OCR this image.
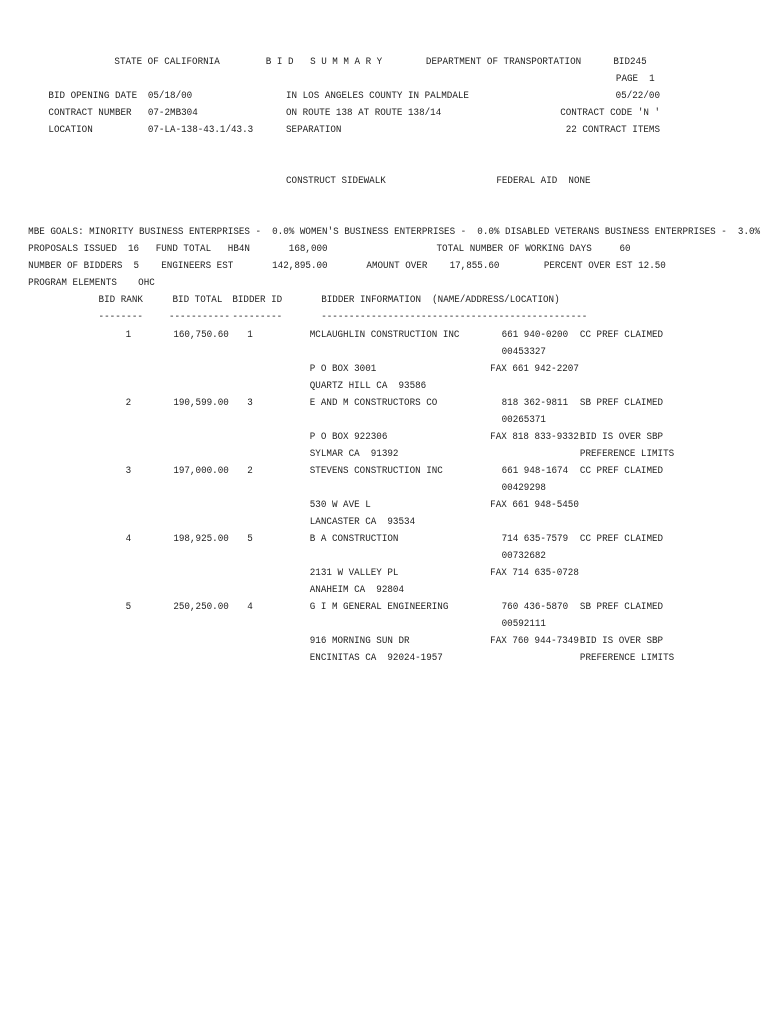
STATE OF CALIFORNIA	B I D   S U M M A R Y	DEPARTMENT OF TRANSPORTATION	BID245
PAGE  1
BID OPENING DATE 05/18/00	IN LOS ANGELES COUNTY IN PALMDALE	05/22/00
CONTRACT NUMBER 07-2MB304	ON ROUTE 138 AT ROUTE 138/14	CONTRACT CODE 'N '
LOCATION	07-LA-138-43.1/43.3	SEPARATION	22 CONTRACT ITEMS
CONSTRUCT SIDEWALK	FEDERAL AID  NONE
MBE GOALS: MINORITY BUSINESS ENTERPRISES -  0.0% WOMEN'S BUSINESS ENTERPRISES -  0.0% DISABLED VETERANS BUSINESS ENTERPRISES -  3.0%
PROPOSALS ISSUED  16   FUND TOTAL   HB4N       168,000	TOTAL NUMBER OF WORKING DAYS     60
NUMBER OF BIDDERS  5    ENGINEERS EST       142,895.00       AMOUNT OVER    17,855.60        PERCENT OVER EST 12.50
PROGRAM ELEMENTS OHC
BID RANK	BID TOTAL BIDDER ID	BIDDER INFORMATION  (NAME/ADDRESS/LOCATION)
-------- ----------- ---------	------------------------------------------------
1	160,750.60 1	MCLAUGHLIN CONSTRUCTION INC	661 940-0200 CC PREF CLAIMED
00453327
P O BOX 3001	FAX 661 942-2207
QUARTZ HILL CA  93586
2	190,599.00 3	E AND M CONSTRUCTORS CO	818 362-9811 SB PREF CLAIMED
00265371
P O BOX 922306	FAX 818 833-9332 BID IS OVER SBP
SYLMAR CA  91392	PREFERENCE LIMITS
3	197,000.00 2	STEVENS CONSTRUCTION INC	661 948-1674 CC PREF CLAIMED
00429298
530 W AVE L	FAX 661 948-5450
LANCASTER CA  93534
4	198,925.00 5	B A CONSTRUCTION	714 635-7579 CC PREF CLAIMED
00732682
2131 W VALLEY PL	FAX 714 635-0728
ANAHEIM CA  92804
5	250,250.00 4	G I M GENERAL ENGINEERING	760 436-5870 SB PREF CLAIMED
00592111
916 MORNING SUN DR	FAX 760 944-7349 BID IS OVER SBP
ENCINITAS CA  92024-1957	PREFERENCE LIMITS
